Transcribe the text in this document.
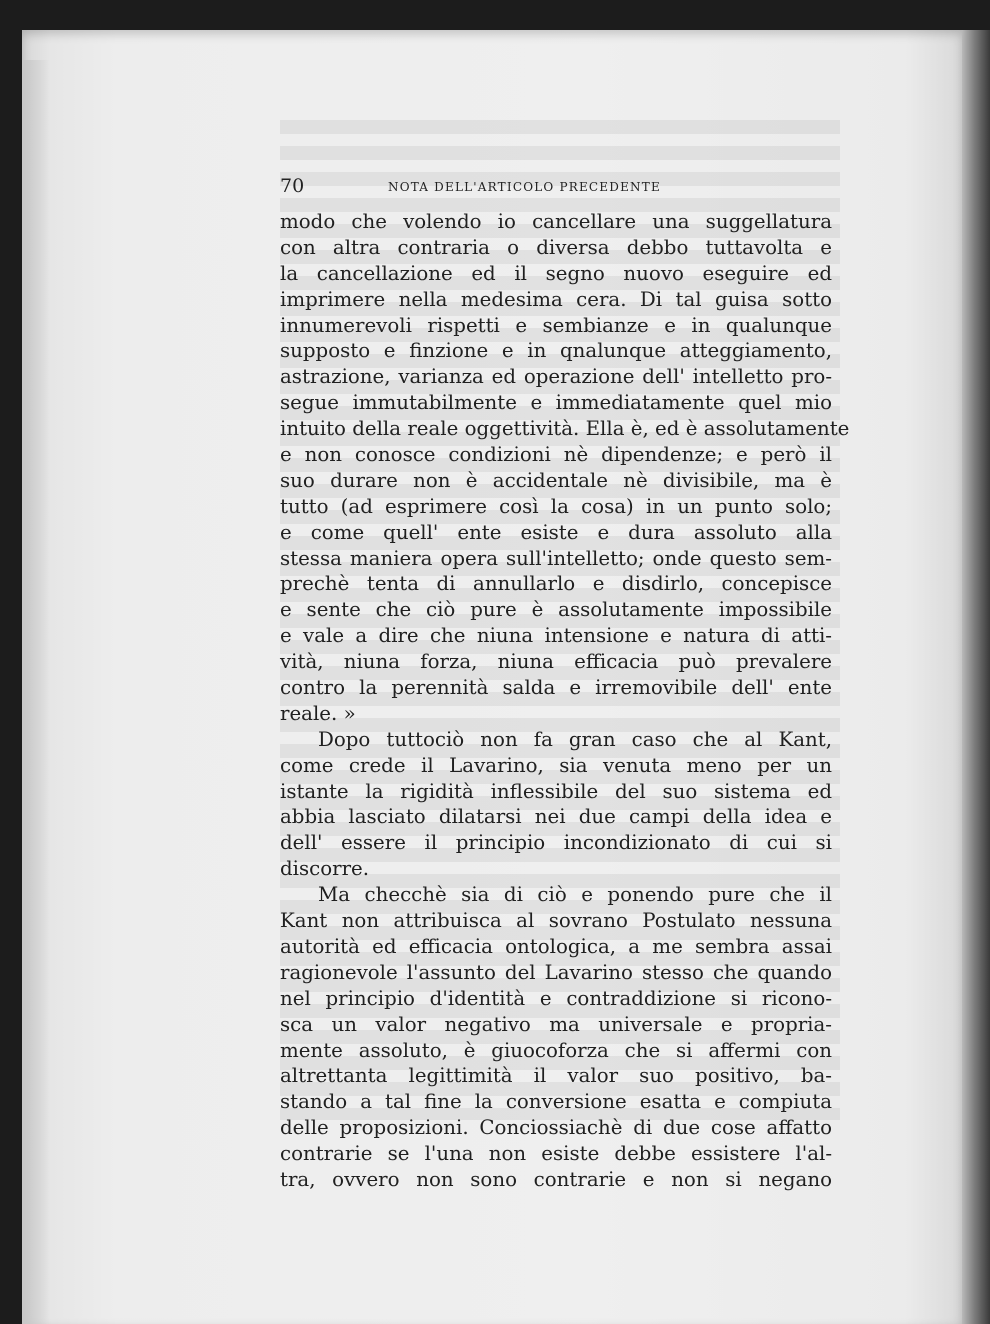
70	NOTA DELL'ARTICOLO PRECEDENTE
modo che volendo io cancellare una suggellatura
con altra contraria o diversa debbo tuttavolta e
la cancellazione ed il segno nuovo eseguire ed
imprimere nella medesima cera. Di tal guisa sotto
innumerevoli rispetti e sembianze e in qualunque
supposto e finzione e in qnalunque atteggiamento,
astrazione, varianza ed operazione dell' intelletto pro-
segue immutabilmente e immediatamente quel mio
intuito della reale oggettività. Ella è, ed è assolutamente
e non conosce condizioni nè dipendenze; e però il
suo durare non è accidentale nè divisibile, ma è
tutto (ad esprimere così la cosa) in un punto solo;
e come quell' ente esiste e dura assoluto alla
stessa maniera opera sull'intelletto; onde questo sem-
prechè tenta di annullarlo e disdirlo, concepisce
e sente che ciò pure è assolutamente impossibile
e vale a dire che niuna intensione e natura di atti-
vità, niuna forza, niuna efficacia può prevalere
contro la perennità salda e irremovibile dell' ente
reale. »
Dopo tuttociò non fa gran caso che al Kant,
come crede il Lavarino, sia venuta meno per un
istante la rigidità inflessibile del suo sistema ed
abbia lasciato dilatarsi nei due campi della idea e
dell' essere il principio incondizionato di cui si
discorre.
Ma checchè sia di ciò e ponendo pure che il
Kant non attribuisca al sovrano Postulato nessuna
autorità ed efficacia ontologica, a me sembra assai
ragionevole l'assunto del Lavarino stesso che quando
nel principio d'identità e contraddizione si ricono-
sca un valor negativo ma universale e propria-
mente assoluto, è giuocoforza che si affermi con
altrettanta legittimità il valor suo positivo, ba-
stando a tal fine la conversione esatta e compiuta
delle proposizioni. Conciossiachè di due cose affatto
contrarie se l'una non esiste debbe essistere l'al-
tra, ovvero non sono contrarie e non si negano
